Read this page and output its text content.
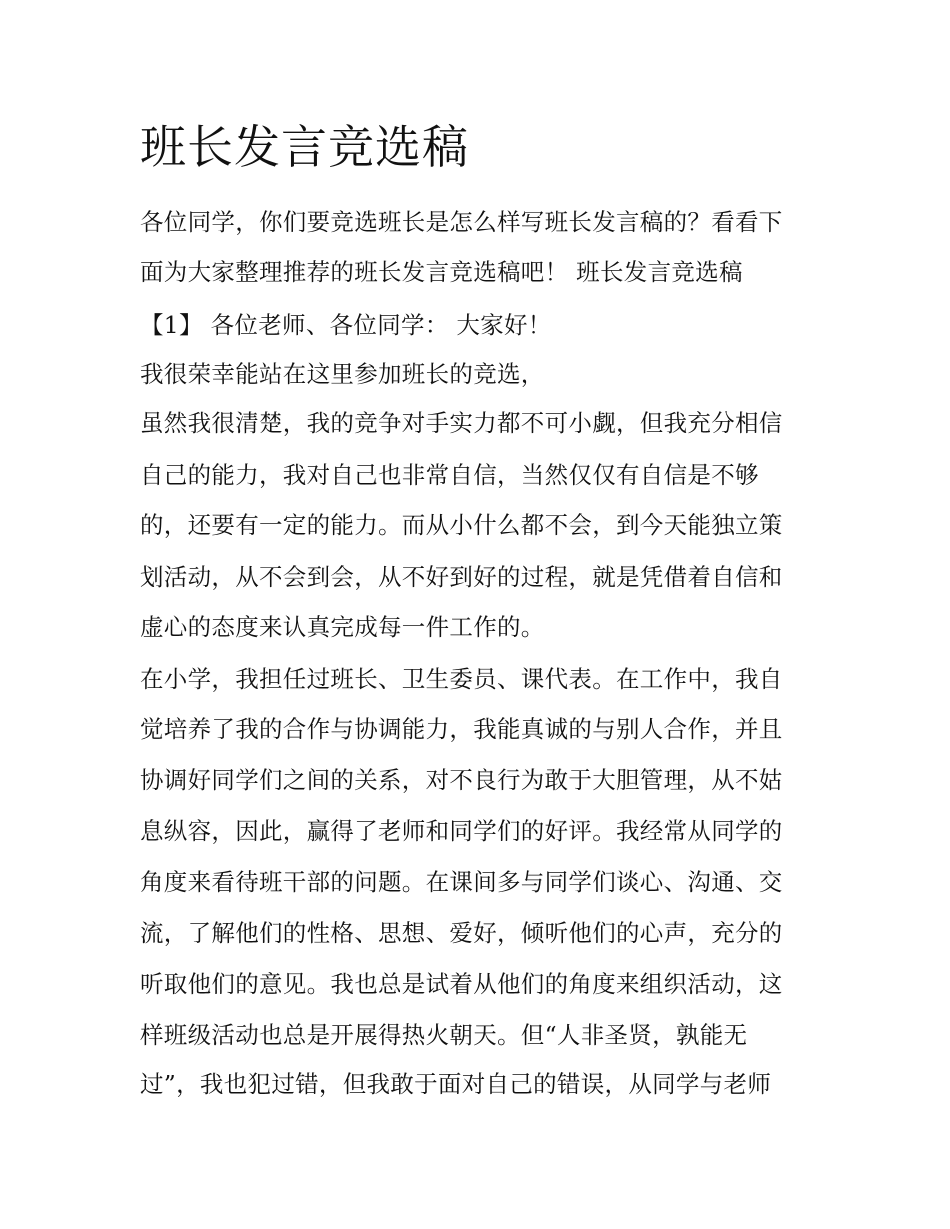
班长发言竞选稿

各位同学，你们要竞选班长是怎么样写班长发言稿的？看看下

面为大家整理推荐的班长发言竞选稿吧！ 班长发言竞选稿

【1】 各位老师、各位同学： 大家好！

我很荣幸能站在这里参加班长的竞选，

虽然我很清楚，我的竞争对手实力都不可小觑，但我充分相信

自己的能力，我对自己也非常自信，当然仅仅有自信是不够

的，还要有一定的能力。而从小什么都不会，到今天能独立策

划活动，从不会到会，从不好到好的过程，就是凭借着自信和

虚心的态度来认真完成每一件工作的。

在小学，我担任过班长、卫生委员、课代表。在工作中，我自

觉培养了我的合作与协调能力，我能真诚的与别人合作，并且

协调好同学们之间的关系，对不良行为敢于大胆管理，从不姑

息纵容，因此，赢得了老师和同学们的好评。我经常从同学的

角度来看待班干部的问题。在课间多与同学们谈心、沟通、交

流，了解他们的性格、思想、爱好，倾听他们的心声，充分的

听取他们的意见。我也总是试着从他们的角度来组织活动，这

样班级活动也总是开展得热火朝天。但“人非圣贤，孰能无

过”，我也犯过错，但我敢于面对自己的错误，从同学与老师
